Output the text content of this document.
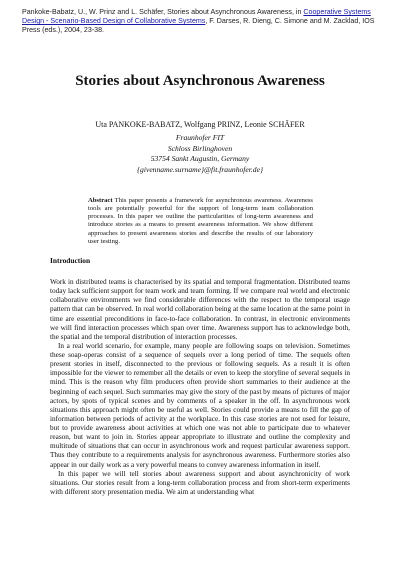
Pankoke-Babatz, U., W. Prinz and L. Schäfer, Stories about Asynchronous Awareness, in Cooperative Systems Design - Scenario-Based Design of Collaborative Systems, F. Darses, R. Dieng, C. Simone and M. Zacklad, IOS Press (eds.), 2004, 23-38.
Stories about Asynchronous Awareness
Uta PANKOKE-BABATZ, Wolfgang PRINZ, Leonie SCHÄFER
Fraunhofer FIT
Schloss Birlinghoven
53754 Sankt Augustin, Germany
{givenname.surname}@fit.fraunhofer.de}
Abstract This paper presents a framework for asynchronous awareness. Awareness tools are potentially powerful for the support of long-term team collaboration processes. In this paper we outline the particularities of long-term awareness and introduce stories as a means to present awareness information. We show different approaches to present awareness stories and describe the results of our laboratory user testing.
Introduction

Work in distributed teams is characterised by its spatial and temporal fragmentation. Distributed teams today lack sufficient support for team work and team forming. If we compare real world and electronic collaborative environments we find considerable differences with the respect to the temporal usage pattern that can be observed. In real world collaboration being at the same location at the same point in time are essential preconditions in face-to-face collaboration. In contrast, in electronic environments we will find interaction processes which span over time. Awareness support has to acknowledge both, the spatial and the temporal distribution of interaction processes.

In a real world scenario, for example, many people are following soaps on television. Sometimes these soap-operas consist of a sequence of sequels over a long period of time. The sequels often present stories in itself, disconnected to the previous or following sequels. As a result it is often impossible for the viewer to remember all the details or even to keep the storyline of several sequels in mind. This is the reason why film producers often provide short summaries to their audience at the beginning of each sequel. Such summaries may give the story of the past by means of pictures of major actors, by spots of typical scenes and by comments of a speaker in the off. In asynchronous work situations this approach might often be useful as well. Stories could provide a means to fill the gap of information between periods of activity at the workplace. In this case stories are not used for leisure, but to provide awareness about activities at which one was not able to participate due to whatever reason, but want to join in. Stories appear appropriate to illustrate and outline the complexity and multitude of situations that can occur in asynchronous work and request particular awareness support. Thus they contribute to a requirements analysis for asynchronous awareness. Furthermore stories also appear in our daily work as a very powerful means to convey awareness information in itself.

In this paper we will tell stories about awareness support and about asynchronicity of work situations. Our stories result from a long-term collaboration process and from short-term experiments with different story presentation media. We aim at understanding what
